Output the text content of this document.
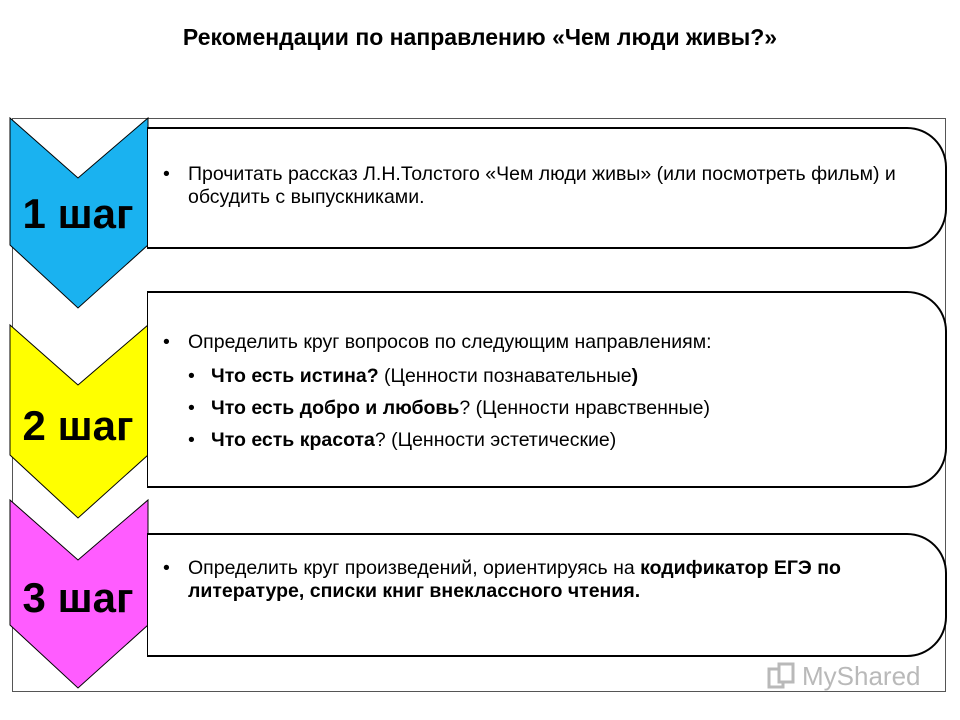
Рекомендации по направлению «Чем люди живы?»
1 шаг
2 шаг
3 шаг
• Прочитать рассказ Л.Н.Толстого «Чем люди живы» (или посмотреть фильм) и обсудить с выпускниками.
• Определить круг вопросов по следующим направлениям:
• Что есть истина? (Ценности познавательные)
• Что есть добро и любовь? (Ценности нравственные)
• Что есть красота? (Ценности эстетические)
• Определить круг произведений, ориентируясь на кодификатор ЕГЭ по литературе, списки книг внеклассного чтения.
MyShared
